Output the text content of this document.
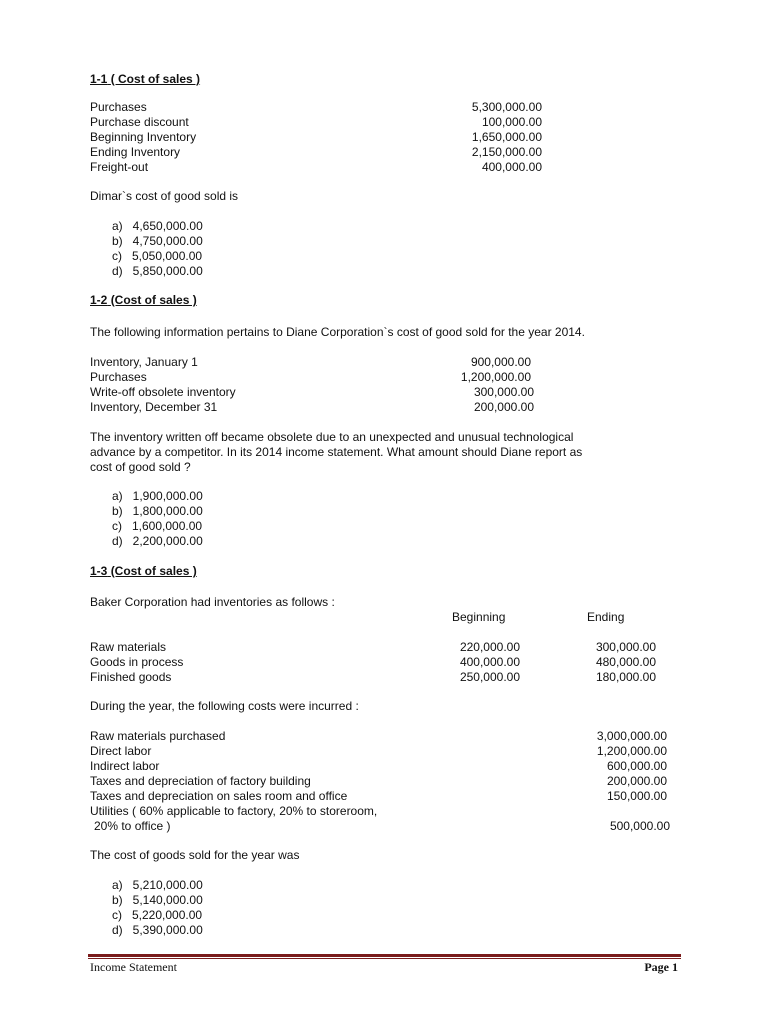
1-1 ( Cost of sales )
Purchases	5,300,000.00
Purchase discount	100,000.00
Beginning Inventory	1,650,000.00
Ending Inventory	2,150,000.00
Freight-out	400,000.00
Dimar`s cost of good sold is
a)   4,650,000.00
b)   4,750,000.00
c)   5,050,000.00
d)   5,850,000.00
1-2 (Cost of sales )
The following information pertains to Diane Corporation`s cost of good sold for the year 2014.
Inventory, January 1	900,000.00
Purchases	1,200,000.00
Write-off obsolete inventory	300,000.00
Inventory, December 31	200,000.00
The inventory written off became obsolete due to an unexpected and unusual technological
advance by a competitor. In its 2014 income statement. What amount should Diane report as
cost of good sold ?
a)   1,900,000.00
b)   1,800,000.00
c)   1,600,000.00
d)   2,200,000.00
1-3 (Cost of sales )
Baker Corporation had inventories as follows :
Beginning	Ending
Raw materials	220,000.00	300,000.00
Goods in process	400,000.00	480,000.00
Finished goods	250,000.00	180,000.00
During the year, the following costs were incurred :
Raw materials purchased	3,000,000.00
Direct labor	1,200,000.00
Indirect labor	600,000.00
Taxes and depreciation of factory building	200,000.00
Taxes and depreciation on sales room and office	150,000.00
Utilities ( 60% applicable to factory, 20% to storeroom,
20% to office )	500,000.00
The cost of goods sold for the year was
a)   5,210,000.00
b)   5,140,000.00
c)   5,220,000.00
d)   5,390,000.00
Income Statement	Page 1
